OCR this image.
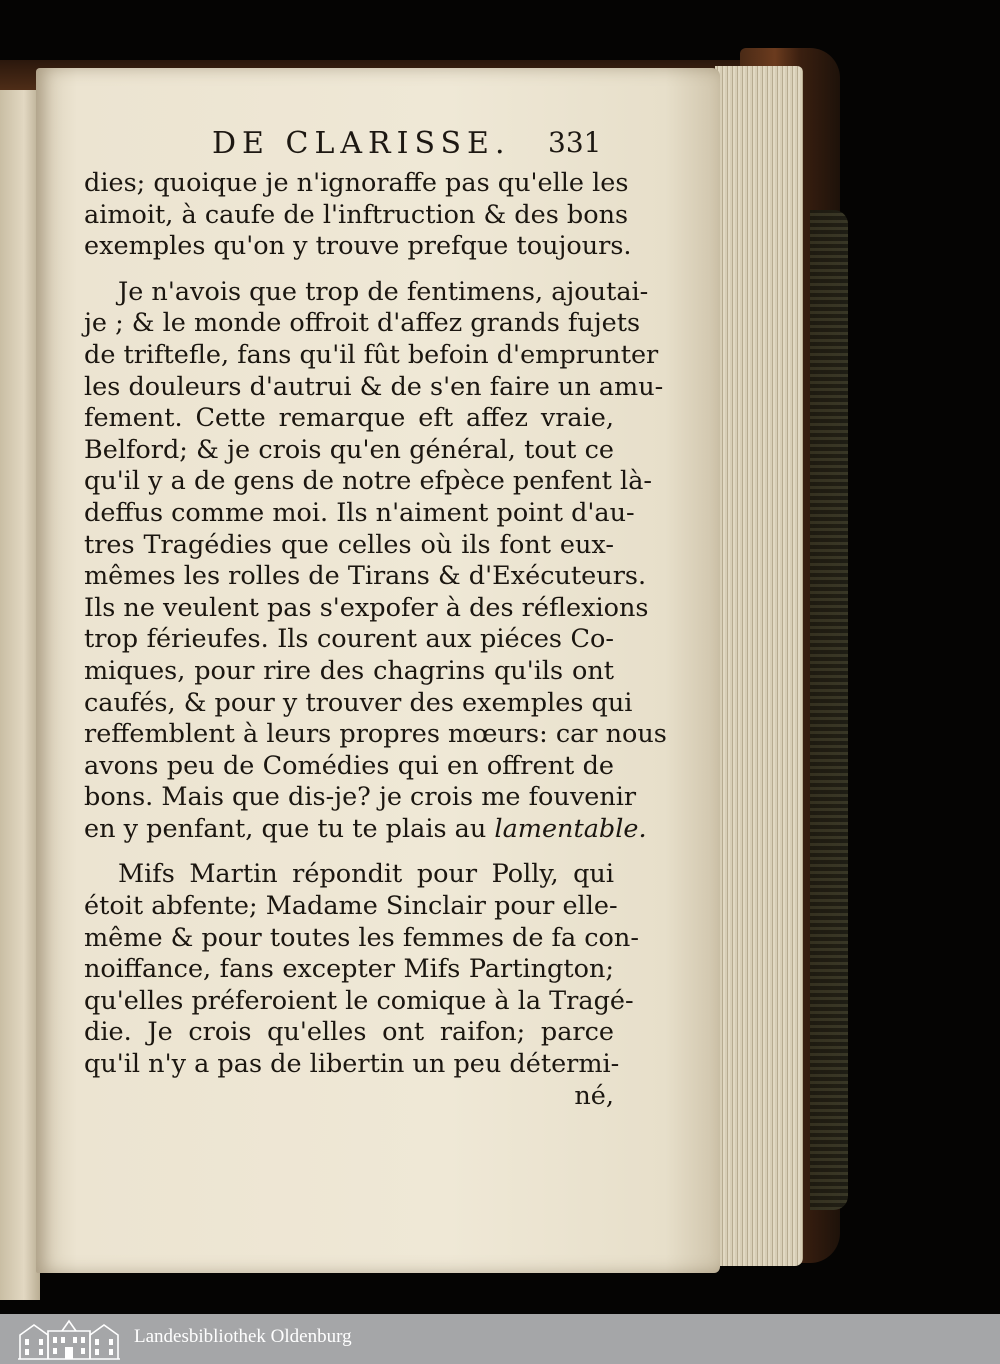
DE CLARISSE. 331
dies; quoique je n'ignoraffe pas qu'elle les
aimoit, à caufe de l'inftruction & des bons
exemples qu'on y trouve prefque toujours.
Je n'avois que trop de fentimens, ajoutai-
je ; & le monde offroit d'affez grands fujets
de triftefle, fans qu'il fût befoin d'emprunter
les douleurs d'autrui & de s'en faire un amu-
fement. Cette remarque eft affez vraie,
Belford; & je crois qu'en général, tout ce
qu'il y a de gens de notre efpèce penfent là-
deffus comme moi. Ils n'aiment point d'au-
tres Tragédies que celles où ils font eux-
mêmes les rolles de Tirans & d'Exécuteurs.
Ils ne veulent pas s'expofer à des réflexions
trop férieufes. Ils courent aux piéces Co-
miques, pour rire des chagrins qu'ils ont
caufés, & pour y trouver des exemples qui
reffemblent à leurs propres mœurs: car nous
avons peu de Comédies qui en offrent de
bons. Mais que dis-je? je crois me fouvenir
en y penfant, que tu te plais au lamentable.
Mifs Martin répondit pour Polly, qui
étoit abfente; Madame Sinclair pour elle-
même & pour toutes les femmes de fa con-
noiffance, fans excepter Mifs Partington;
qu'elles préferoient le comique à la Tragé-
die. Je crois qu'elles ont raifon; parce
qu'il n'y a pas de libertin un peu détermi-
né,
Landesbibliothek Oldenburg
